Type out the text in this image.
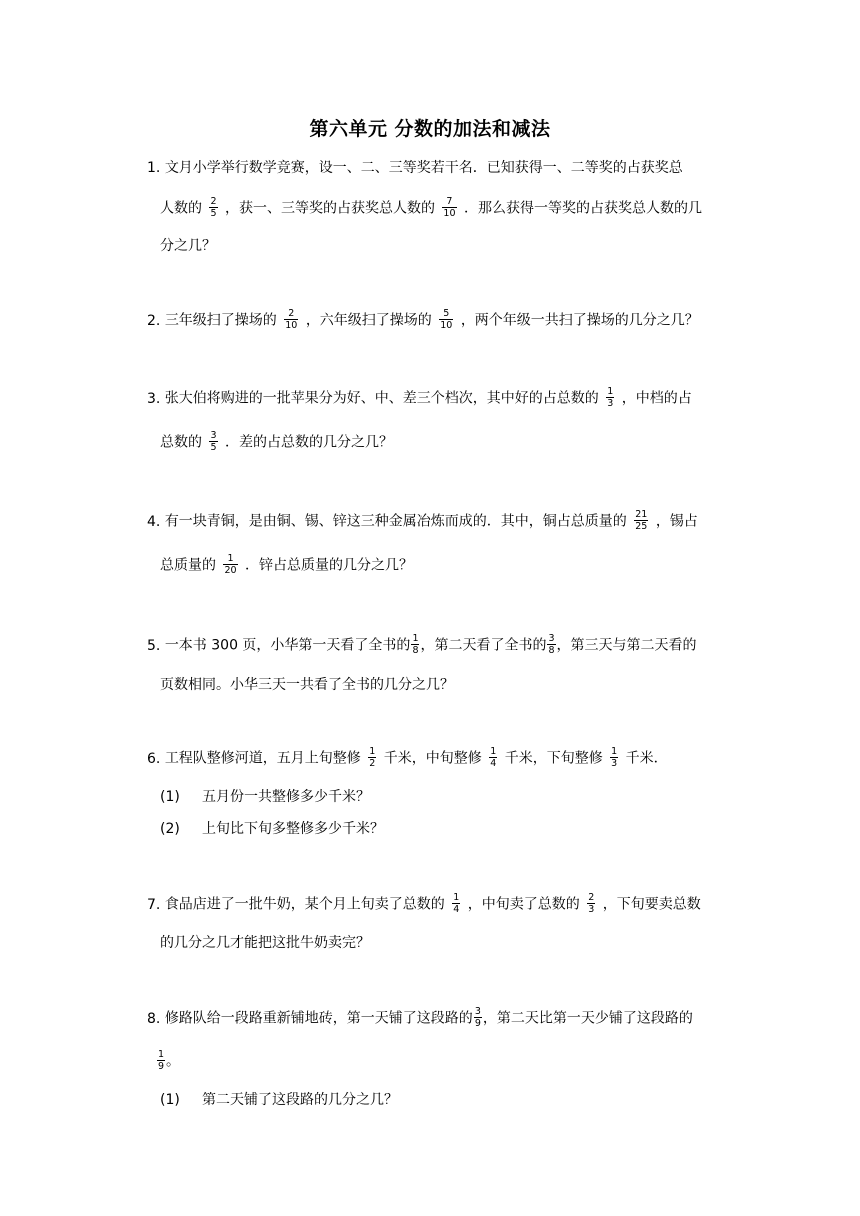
第六单元 分数的加法和减法
1. 文月小学举行数学竞赛，设一、二、三等奖若干名．已知获得一、二等奖的占获奖总
人数的 $\frac{2}{5}$ ，获一、三等奖的占获奖总人数的 $\frac{7}{10}$ ．那么获得一等奖的占获奖总人数的几
分之几？
2. 三年级扫了操场的 $\frac{2}{10}$ ，六年级扫了操场的 $\frac{5}{10}$ ，两个年级一共扫了操场的几分之几？
3. 张大伯将购进的一批苹果分为好、中、差三个档次，其中好的占总数的 $\frac{1}{3}$ ，中档的占
总数的 $\frac{3}{5}$ ．差的占总数的几分之几？
4. 有一块青铜，是由铜、锡、锌这三种金属冶炼而成的．其中，铜占总质量的 $\frac{21}{25}$ ，锡占
总质量的 $\frac{1}{20}$ ．锌占总质量的几分之几？
5. 一本书 300 页，小华第一天看了全书的 $\frac{1}{8}$ ，第二天看了全书的 $\frac{3}{8}$ ，第三天与第二天看的
页数相同。小华三天一共看了全书的几分之几？
6. 工程队整修河道，五月上旬整修 $\frac{1}{2}$ 千米，中旬整修 $\frac{1}{4}$ 千米，下旬整修 $\frac{1}{3}$ 千米．
(1) 五月份一共整修多少千米？
(2) 上旬比下旬多整修多少千米？
7. 食品店进了一批牛奶，某个月上旬卖了总数的 $\frac{1}{4}$ ，中旬卖了总数的 $\frac{2}{3}$ ，下旬要卖总数
的几分之几才能把这批牛奶卖完？
8. 修路队给一段路重新铺地砖，第一天铺了这段路的 $\frac{3}{9}$ ，第二天比第一天少铺了这段路的
$\frac{1}{9}$ 。
(1) 第二天铺了这段路的几分之几？
